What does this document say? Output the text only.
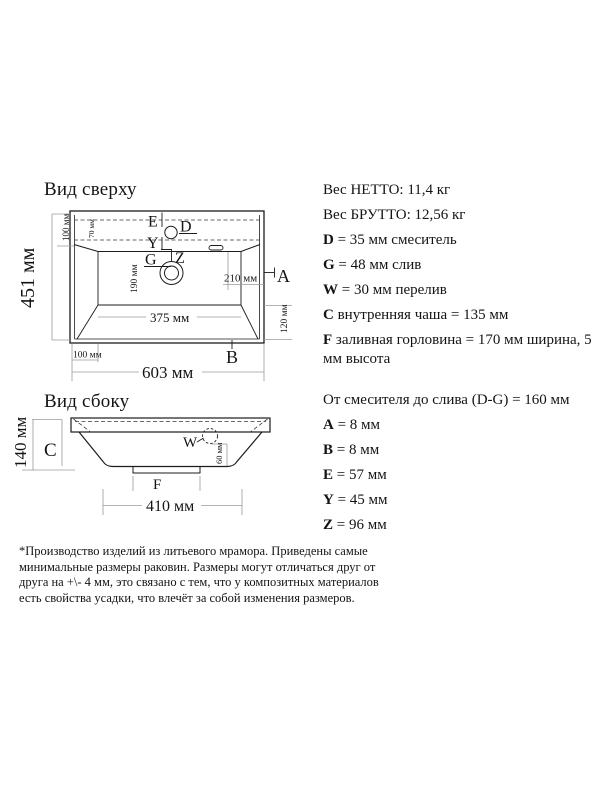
E D
Y
G Z
A
B
451 мм
100 мм 70 мм
190 мм	210 мм
375 мм	120 мм
100 мм
603 мм
C	W
F
140 мм	60 мм
410 мм
Вид сверху
Вид сбоку
Вес НЕТТО: 11,4 кг
Вес БРУТТО: 12,56 кг
D = 35 мм смеситель
G = 48 мм слив
W = 30 мм перелив
C внутренняя чаша = 135 мм
F заливная горловина = 170 мм ширина, 5 мм высота
От смесителя до слива (D-G) = 160 мм
A = 8 мм
B = 8 мм
E = 57 мм
Y = 45 мм
Z = 96 мм
*Производство изделий из литьевого мрамора. Приведены самые минимальные размеры раковин. Размеры могут отличаться друг от друга на +\- 4 мм, это связано с тем, что у композитных материалов есть свойства усадки, что влечёт за собой изменения размеров.
